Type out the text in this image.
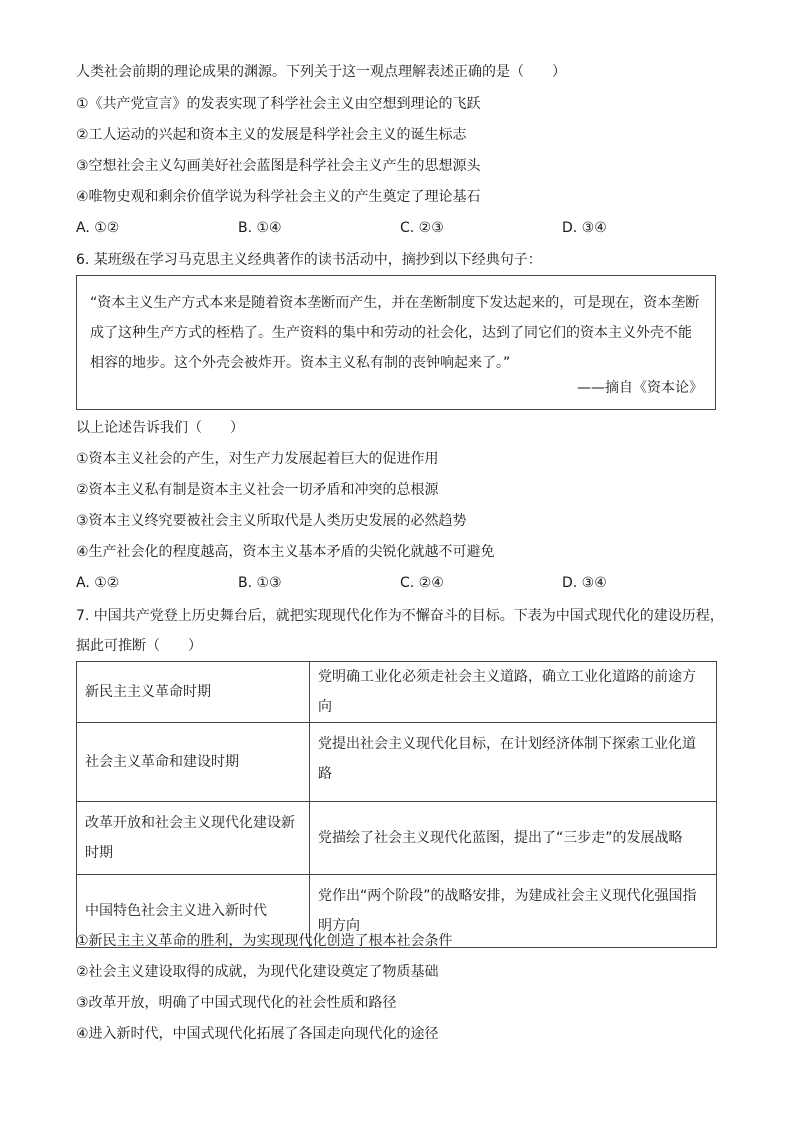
人类社会前期的理论成果的渊源。下列关于这一观点理解表述正确的是（　　）
①《共产党宣言》的发表实现了科学社会主义由空想到理论的飞跃
②工人运动的兴起和资本主义的发展是科学社会主义的诞生标志
③空想社会主义勾画美好社会蓝图是科学社会主义产生的思想源头
④唯物史观和剩余价值学说为科学社会主义的产生奠定了理论基石
A. ①②	B. ①④	C. ②③	D. ③④
6. 某班级在学习马克思主义经典著作的读书活动中，摘抄到以下经典句子：
“资本主义生产方式本来是随着资本垄断而产生，并在垄断制度下发达起来的，可是现在，资本垄断成了这种生产方式的桎梏了。生产资料的集中和劳动的社会化，达到了同它们的资本主义外壳不能相容的地步。这个外壳会被炸开。资本主义私有制的丧钟响起来了。”
——摘自《资本论》
以上论述告诉我们（　　）
①资本主义社会的产生，对生产力发展起着巨大的促进作用
②资本主义私有制是资本主义社会一切矛盾和冲突的总根源
③资本主义终究要被社会主义所取代是人类历史发展的必然趋势
④生产社会化的程度越高，资本主义基本矛盾的尖锐化就越不可避免
A. ①②	B. ①③	C. ②④	D. ③④
7. 中国共产党登上历史舞台后，就把实现现代化作为不懈奋斗的目标。下表为中国式现代化的建设历程，
据此可推断（　　）
新民主主义革命时期	党明确工业化必须走社会主义道路，确立工业化道路的前途方向
社会主义革命和建设时期	党提出社会主义现代化目标，在计划经济体制下探索工业化道路
改革开放和社会主义现代化建设新时期	党描绘了社会主义现代化蓝图，提出了“三步走”的发展战略
中国特色社会主义进入新时代	党作出“两个阶段”的战略安排，为建成社会主义现代化强国指明方向
①新民主主义革命的胜利，为实现现代化创造了根本社会条件
②社会主义建设取得的成就，为现代化建设奠定了物质基础
③改革开放，明确了中国式现代化的社会性质和路径
④进入新时代，中国式现代化拓展了各国走向现代化的途径
